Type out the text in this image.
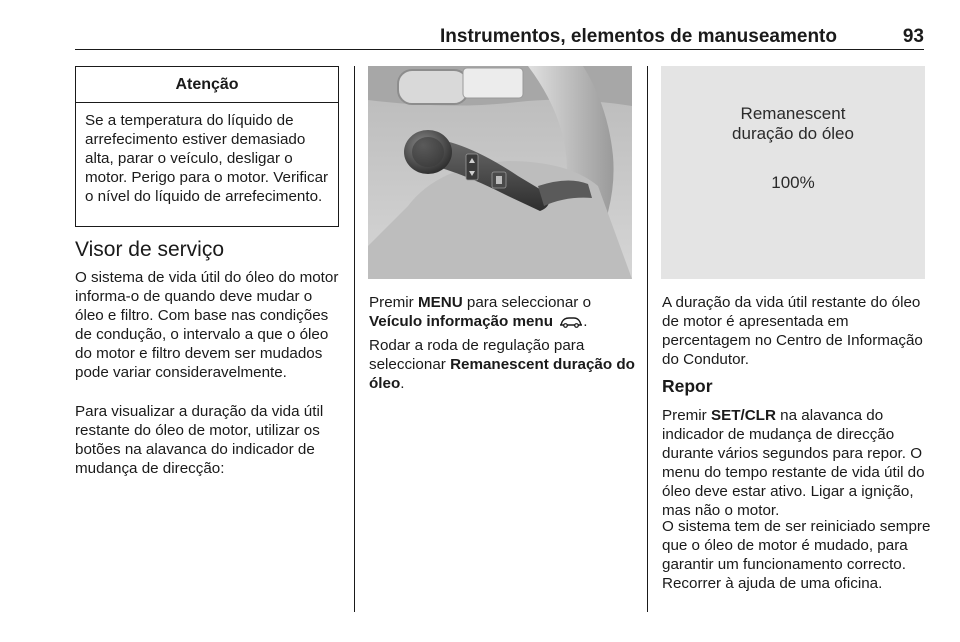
Instrumentos, elementos de manuseamento	93
Atenção
Se a temperatura do líquido de arrefecimento estiver demasiado alta, parar o veículo, desligar o motor. Perigo para o motor. Verificar o nível do líquido de arrefecimento.
Visor de serviço

O sistema de vida útil do óleo do motor informa-o de quando deve mudar o óleo e filtro. Com base nas condições de condução, o intervalo a que o óleo do motor e filtro devem ser mudados pode variar consideravelmente.

Para visualizar a duração da vida útil restante do óleo de motor, utilizar os botões na alavanca do indicador de mudança de direcção:

Premir MENU para seleccionar o Veículo informação menu .

Rodar a roda de regulação para seleccionar Remanescent duração do óleo.

Remanescent
duração do óleo
100%

A duração da vida útil restante do óleo de motor é apresentada em percentagem no Centro de Informação do Condutor.

Repor

Premir SET/CLR na alavanca do indicador de mudança de direcção durante vários segundos para repor. O menu do tempo restante de vida útil do óleo deve estar ativo. Ligar a ignição, mas não o motor.

O sistema tem de ser reiniciado sempre que o óleo de motor é mudado, para garantir um funcionamento correcto. Recorrer à ajuda de uma oficina.
